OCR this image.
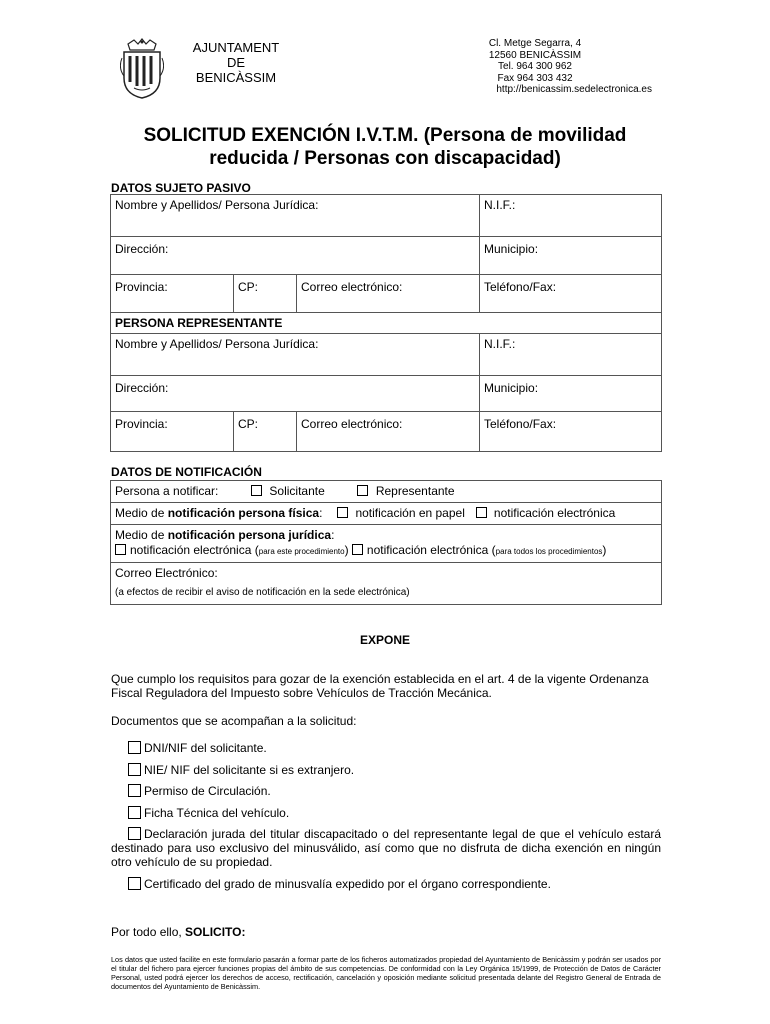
AJUNTAMENT
DE
BENICÀSSIM
Cl. Metge Segarra, 4
12560 BENICÀSSIM
Tel. 964 300 962
Fax 964 303 432
http://benicassim.sedelectronica.es
SOLICITUD EXENCIÓN I.V.T.M. (Persona de movilidad
reducida / Personas con discapacidad)
DATOS SUJETO PASIVO
Nombre y Apellidos/ Persona Jurídica:			N.I.F.:
Dirección:			Municipio:
Provincia:	CP:	Correo electrónico:	Teléfono/Fax:
PERSONA REPRESENTANTE			
Nombre y Apellidos/ Persona Jurídica:			N.I.F.:
Dirección:			Municipio:
Provincia:	CP:	Correo electrónico:	Teléfono/Fax:
DATOS DE NOTIFICACIÓN
Persona a notificar:	Solicitante	Representante
Medio de notificación persona física:	notificación en papel notificación electrónica
Medio de notificación persona jurídica:
notificación electrónica (para este procedimiento) notificación electrónica (para todos los procedimientos)
Correo Electrónico:
(a efectos de recibir el aviso de notificación en la sede electrónica)
EXPONE
Que cumplo los requisitos para gozar de la exención establecida en el art. 4 de la vigente Ordenanza Fiscal Reguladora del Impuesto sobre Vehículos de Tracción Mecánica.
Documentos que se acompañan a la solicitud:
DNI/NIF del solicitante.
NIE/ NIF del solicitante si es extranjero.
Permiso de Circulación.
Ficha Técnica del vehículo.
Declaración jurada del titular discapacitado o del representante legal de que el vehículo estará destinado para uso exclusivo del minusválido, así como que no disfruta de dicha exención en ningún otro vehículo de su propiedad.
Certificado del grado de minusvalía expedido por el órgano correspondiente.
Por todo ello, SOLICITO:
Los datos que usted facilite en este formulario pasarán a formar parte de los ficheros automatizados propiedad del Ayuntamiento de Benicàssim y podrán ser usados por el titular del fichero para ejercer funciones propias del ámbito de sus competencias. De conformidad con la Ley Orgánica 15/1999, de Protección de Datos de Carácter Personal, usted podrá ejercer los derechos de acceso, rectificación, cancelación y oposición mediante solicitud presentada delante del Registro General de Entrada de documentos del Ayuntamiento de Benicàssim.
